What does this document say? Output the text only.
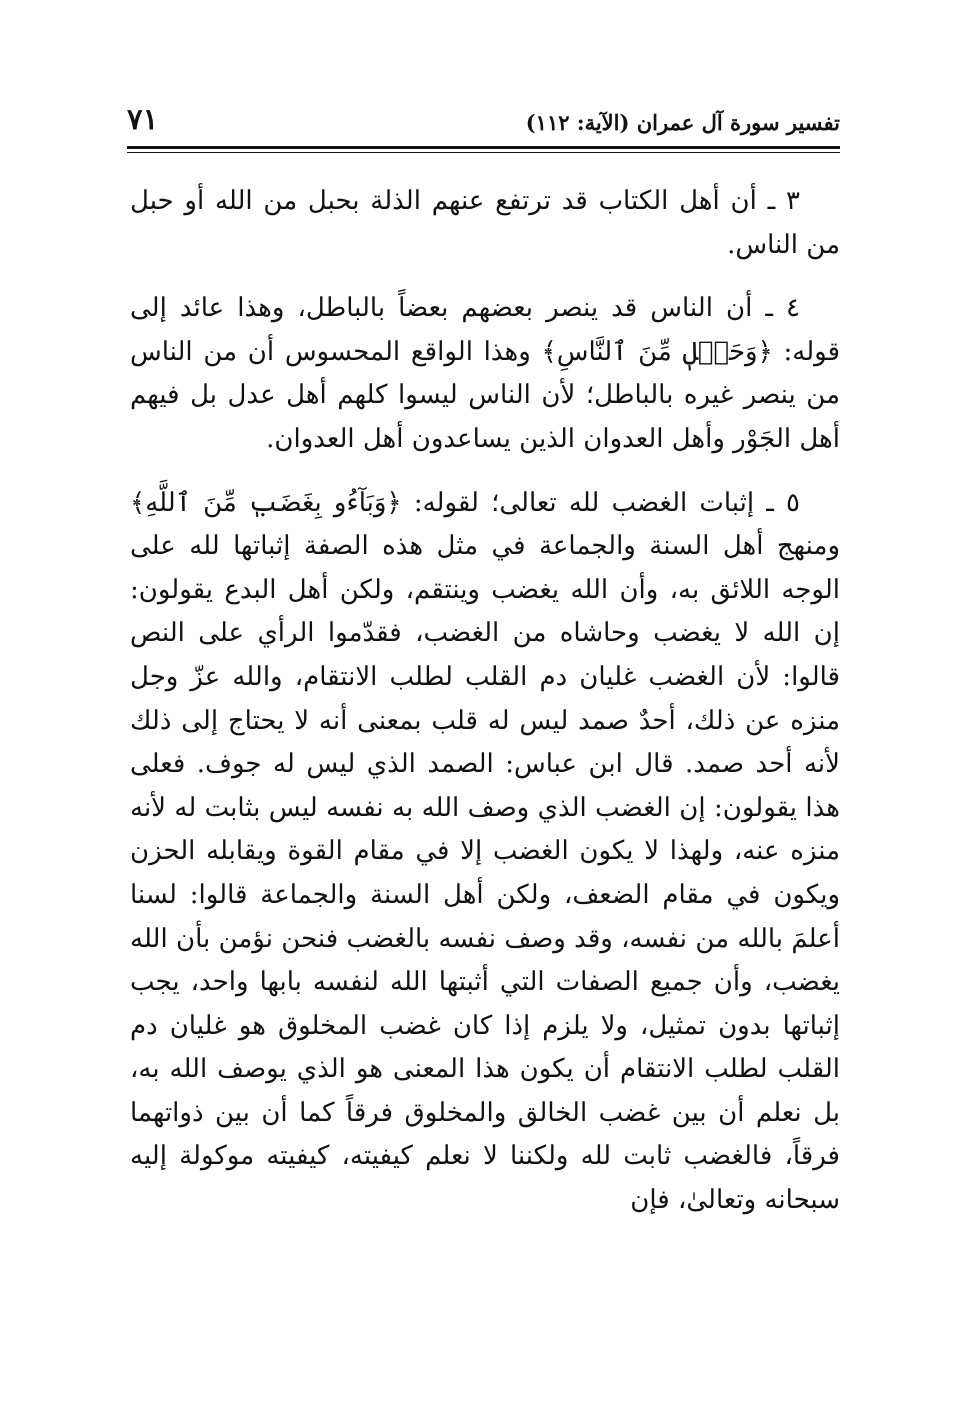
تفسير سورة آل عمران (الآية: ١١٢)
٧١

٣ ـ أن أهل الكتاب قد ترتفع عنهم الذلة بحبل من الله أو حبل من الناس.

٤ ـ أن الناس قد ينصر بعضهم بعضاً بالباطل، وهذا عائد إلى قوله: ﴿وَحَبۡلٖ مِّنَ ٱلنَّاسِ﴾ وهذا الواقع المحسوس أن من الناس من ينصر غيره بالباطل؛ لأن الناس ليسوا كلهم أهل عدل بل فيهم أهل الجَوْر وأهل العدوان الذين يساعدون أهل العدوان.

٥ ـ إثبات الغضب لله تعالى؛ لقوله: ﴿وَبَآءُو بِغَضَبٖ مِّنَ ٱللَّهِ﴾ ومنهج أهل السنة والجماعة في مثل هذه الصفة إثباتها لله على الوجه اللائق به، وأن الله يغضب وينتقم، ولكن أهل البدع يقولون: إن الله لا يغضب وحاشاه من الغضب، فقدّموا الرأي على النص قالوا: لأن الغضب غليان دم القلب لطلب الانتقام، والله عزّ وجل منزه عن ذلك، أحدٌ صمد ليس له قلب بمعنى أنه لا يحتاج إلى ذلك لأنه أحد صمد. قال ابن عباس: الصمد الذي ليس له جوف. فعلى هذا يقولون: إن الغضب الذي وصف الله به نفسه ليس بثابت له لأنه منزه عنه، ولهذا لا يكون الغضب إلا في مقام القوة ويقابله الحزن ويكون في مقام الضعف، ولكن أهل السنة والجماعة قالوا: لسنا أعلمَ بالله من نفسه، وقد وصف نفسه بالغضب فنحن نؤمن بأن الله يغضب، وأن جميع الصفات التي أثبتها الله لنفسه بابها واحد، يجب إثباتها بدون تمثيل، ولا يلزم إذا كان غضب المخلوق هو غليان دم القلب لطلب الانتقام أن يكون هذا المعنى هو الذي يوصف الله به، بل نعلم أن بين غضب الخالق والمخلوق فرقاً كما أن بين ذواتهما فرقاً، فالغضب ثابت لله ولكننا لا نعلم كيفيته، كيفيته موكولة إليه سبحانه وتعالىٰ، فإن
